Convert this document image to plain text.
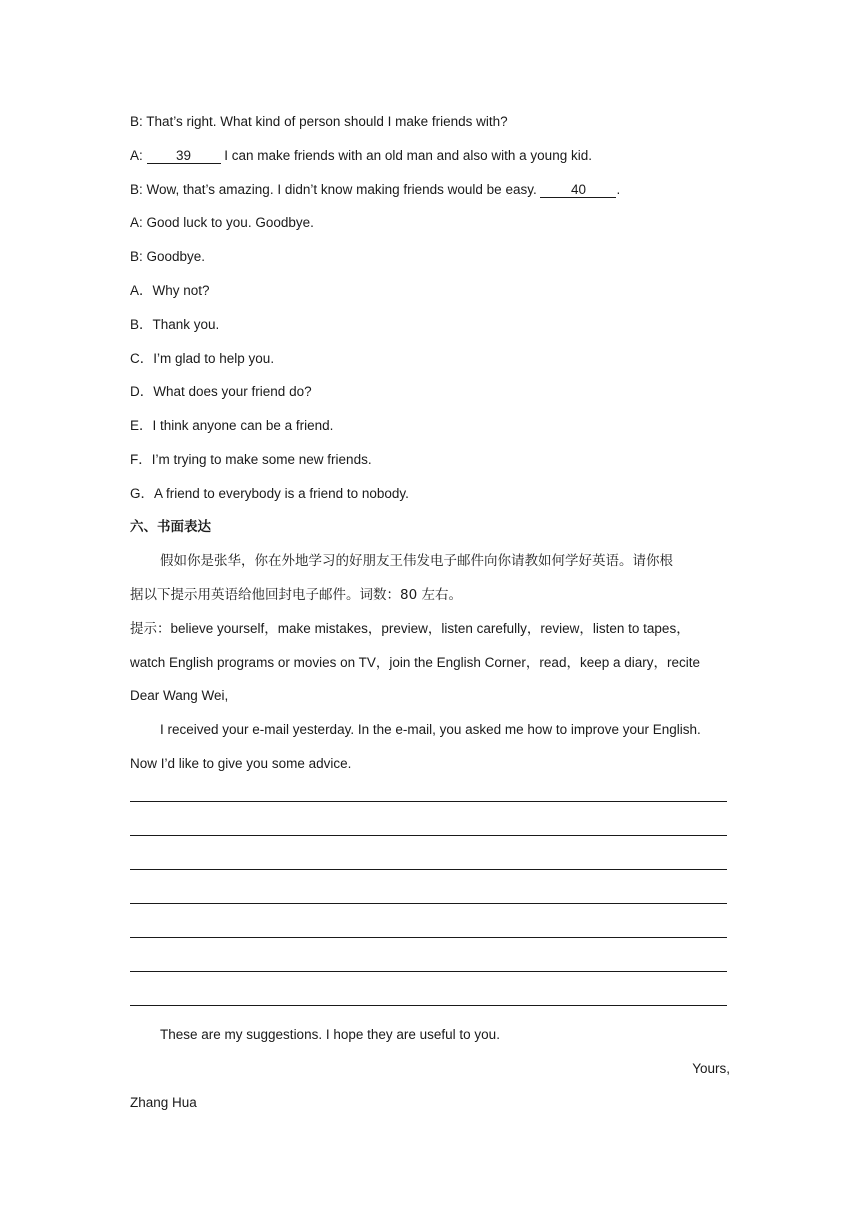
B: That’s right. What kind of person should I make friends with?
A: 39 I can make friends with an old man and also with a young kid.
B: Wow, that’s amazing. I didn’t know making friends would be easy. 40 .
A: Good luck to you. Goodbye.
B: Goodbye.
A．Why not?
B．Thank you.
C．I’m glad to help you.
D．What does your friend do?
E．I think anyone can be a friend.
F．I’m trying to make some new friends.
G．A friend to everybody is a friend to nobody.
六、书面表达
假如你是张华，你在外地学习的好朋友王伟发电子邮件向你请教如何学好英语。请你根
据以下提示用英语给他回封电子邮件。词数：80 左右。
提示：believe yourself，make mistakes，preview，listen carefully，review，listen to tapes，
watch English programs or movies on TV，join the English Corner，read，keep a diary，recite
Dear Wang Wei,
I received your e-mail yesterday. In the e-mail, you asked me how to improve your English.
Now I’d like to give you some advice.
These are my suggestions. I hope they are useful to you.
Yours,
Zhang Hua
